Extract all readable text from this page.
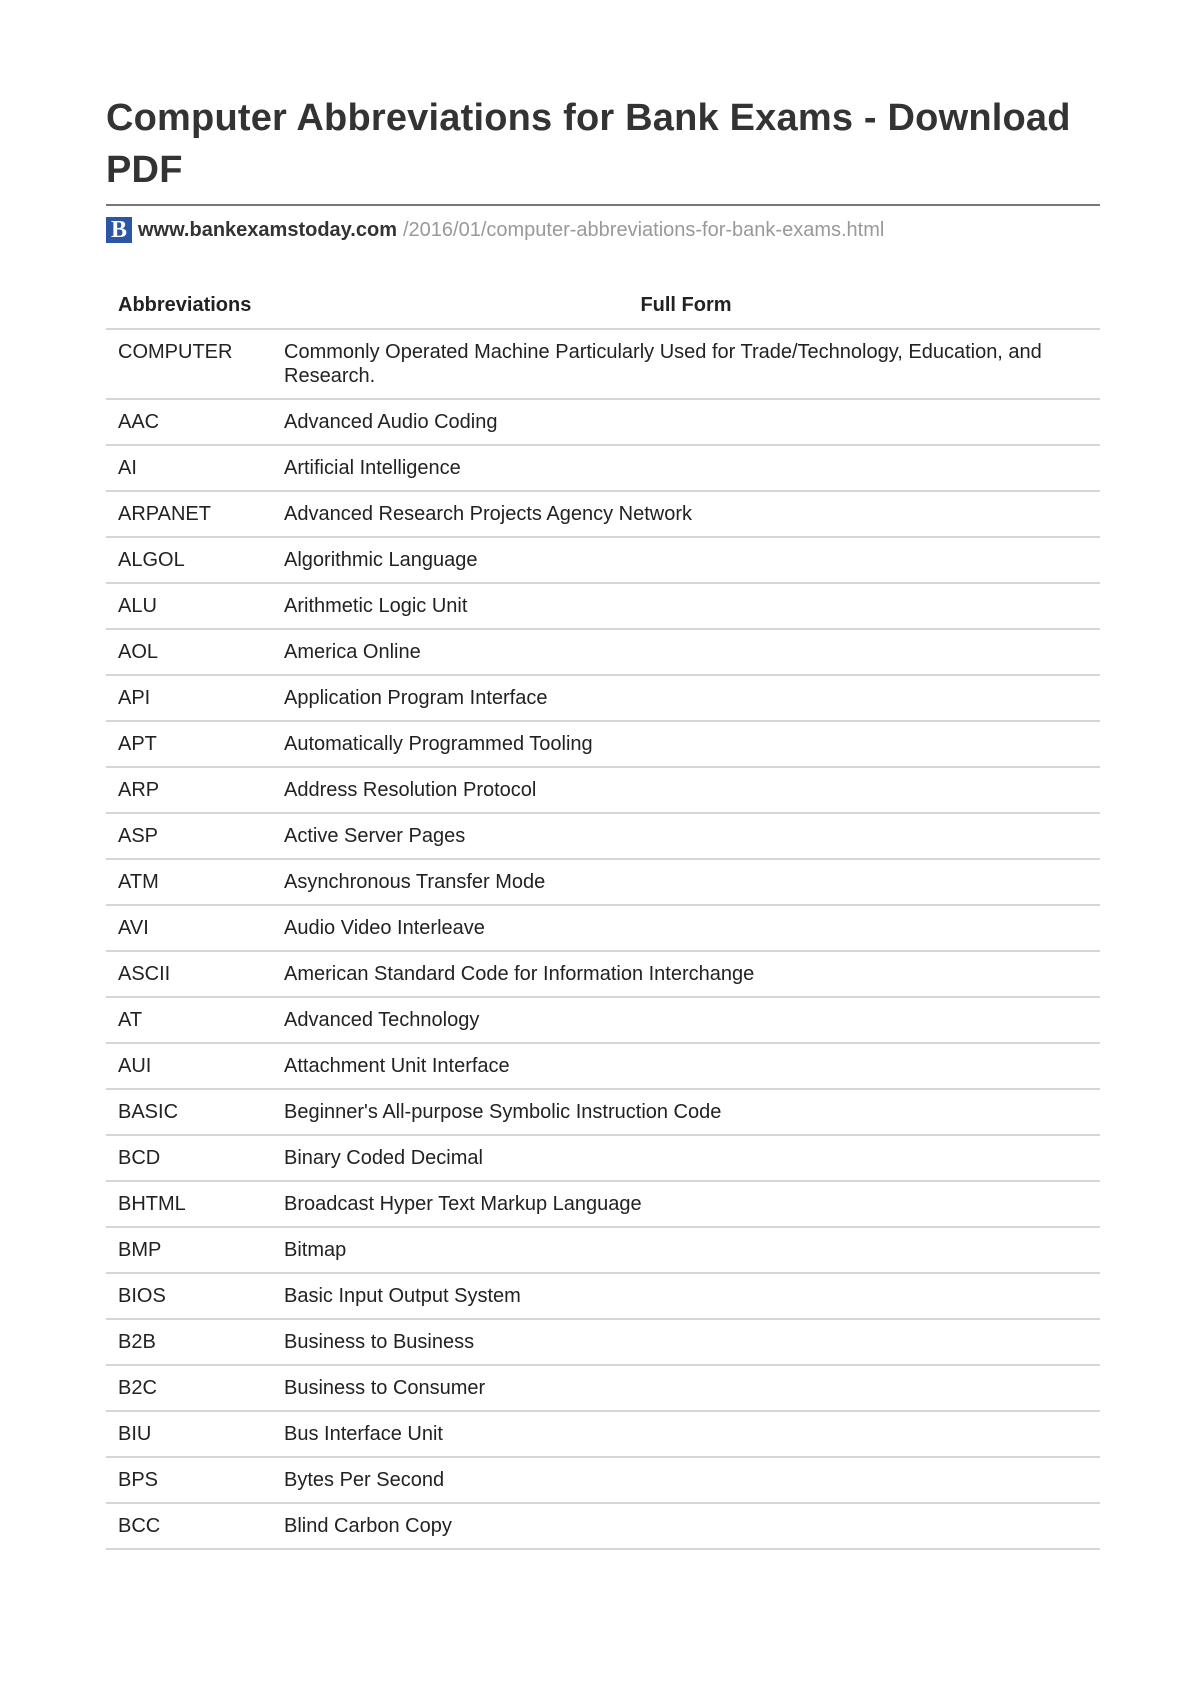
Computer Abbreviations for Bank Exams - Download PDF
B www.bankexamstoday.com /2016/01/computer-abbreviations-for-bank-exams.html
Abbreviations	Full Form
COMPUTER	Commonly Operated Machine Particularly Used for Trade/Technology, Education, and Research.
AAC	Advanced Audio Coding
AI	Artificial Intelligence
ARPANET	Advanced Research Projects Agency Network
ALGOL	Algorithmic Language
ALU	Arithmetic Logic Unit
AOL	America Online
API	Application Program Interface
APT	Automatically Programmed Tooling
ARP	Address Resolution Protocol
ASP	Active Server Pages
ATM	Asynchronous Transfer Mode
AVI	Audio Video Interleave
ASCII	American Standard Code for Information Interchange
AT	Advanced Technology
AUI	Attachment Unit Interface
BASIC	Beginner's All-purpose Symbolic Instruction Code
BCD	Binary Coded Decimal
BHTML	Broadcast Hyper Text Markup Language
BMP	Bitmap
BIOS	Basic Input Output System
B2B	Business to Business
B2C	Business to Consumer
BIU	Bus Interface Unit
BPS	Bytes Per Second
BCC	Blind Carbon Copy
